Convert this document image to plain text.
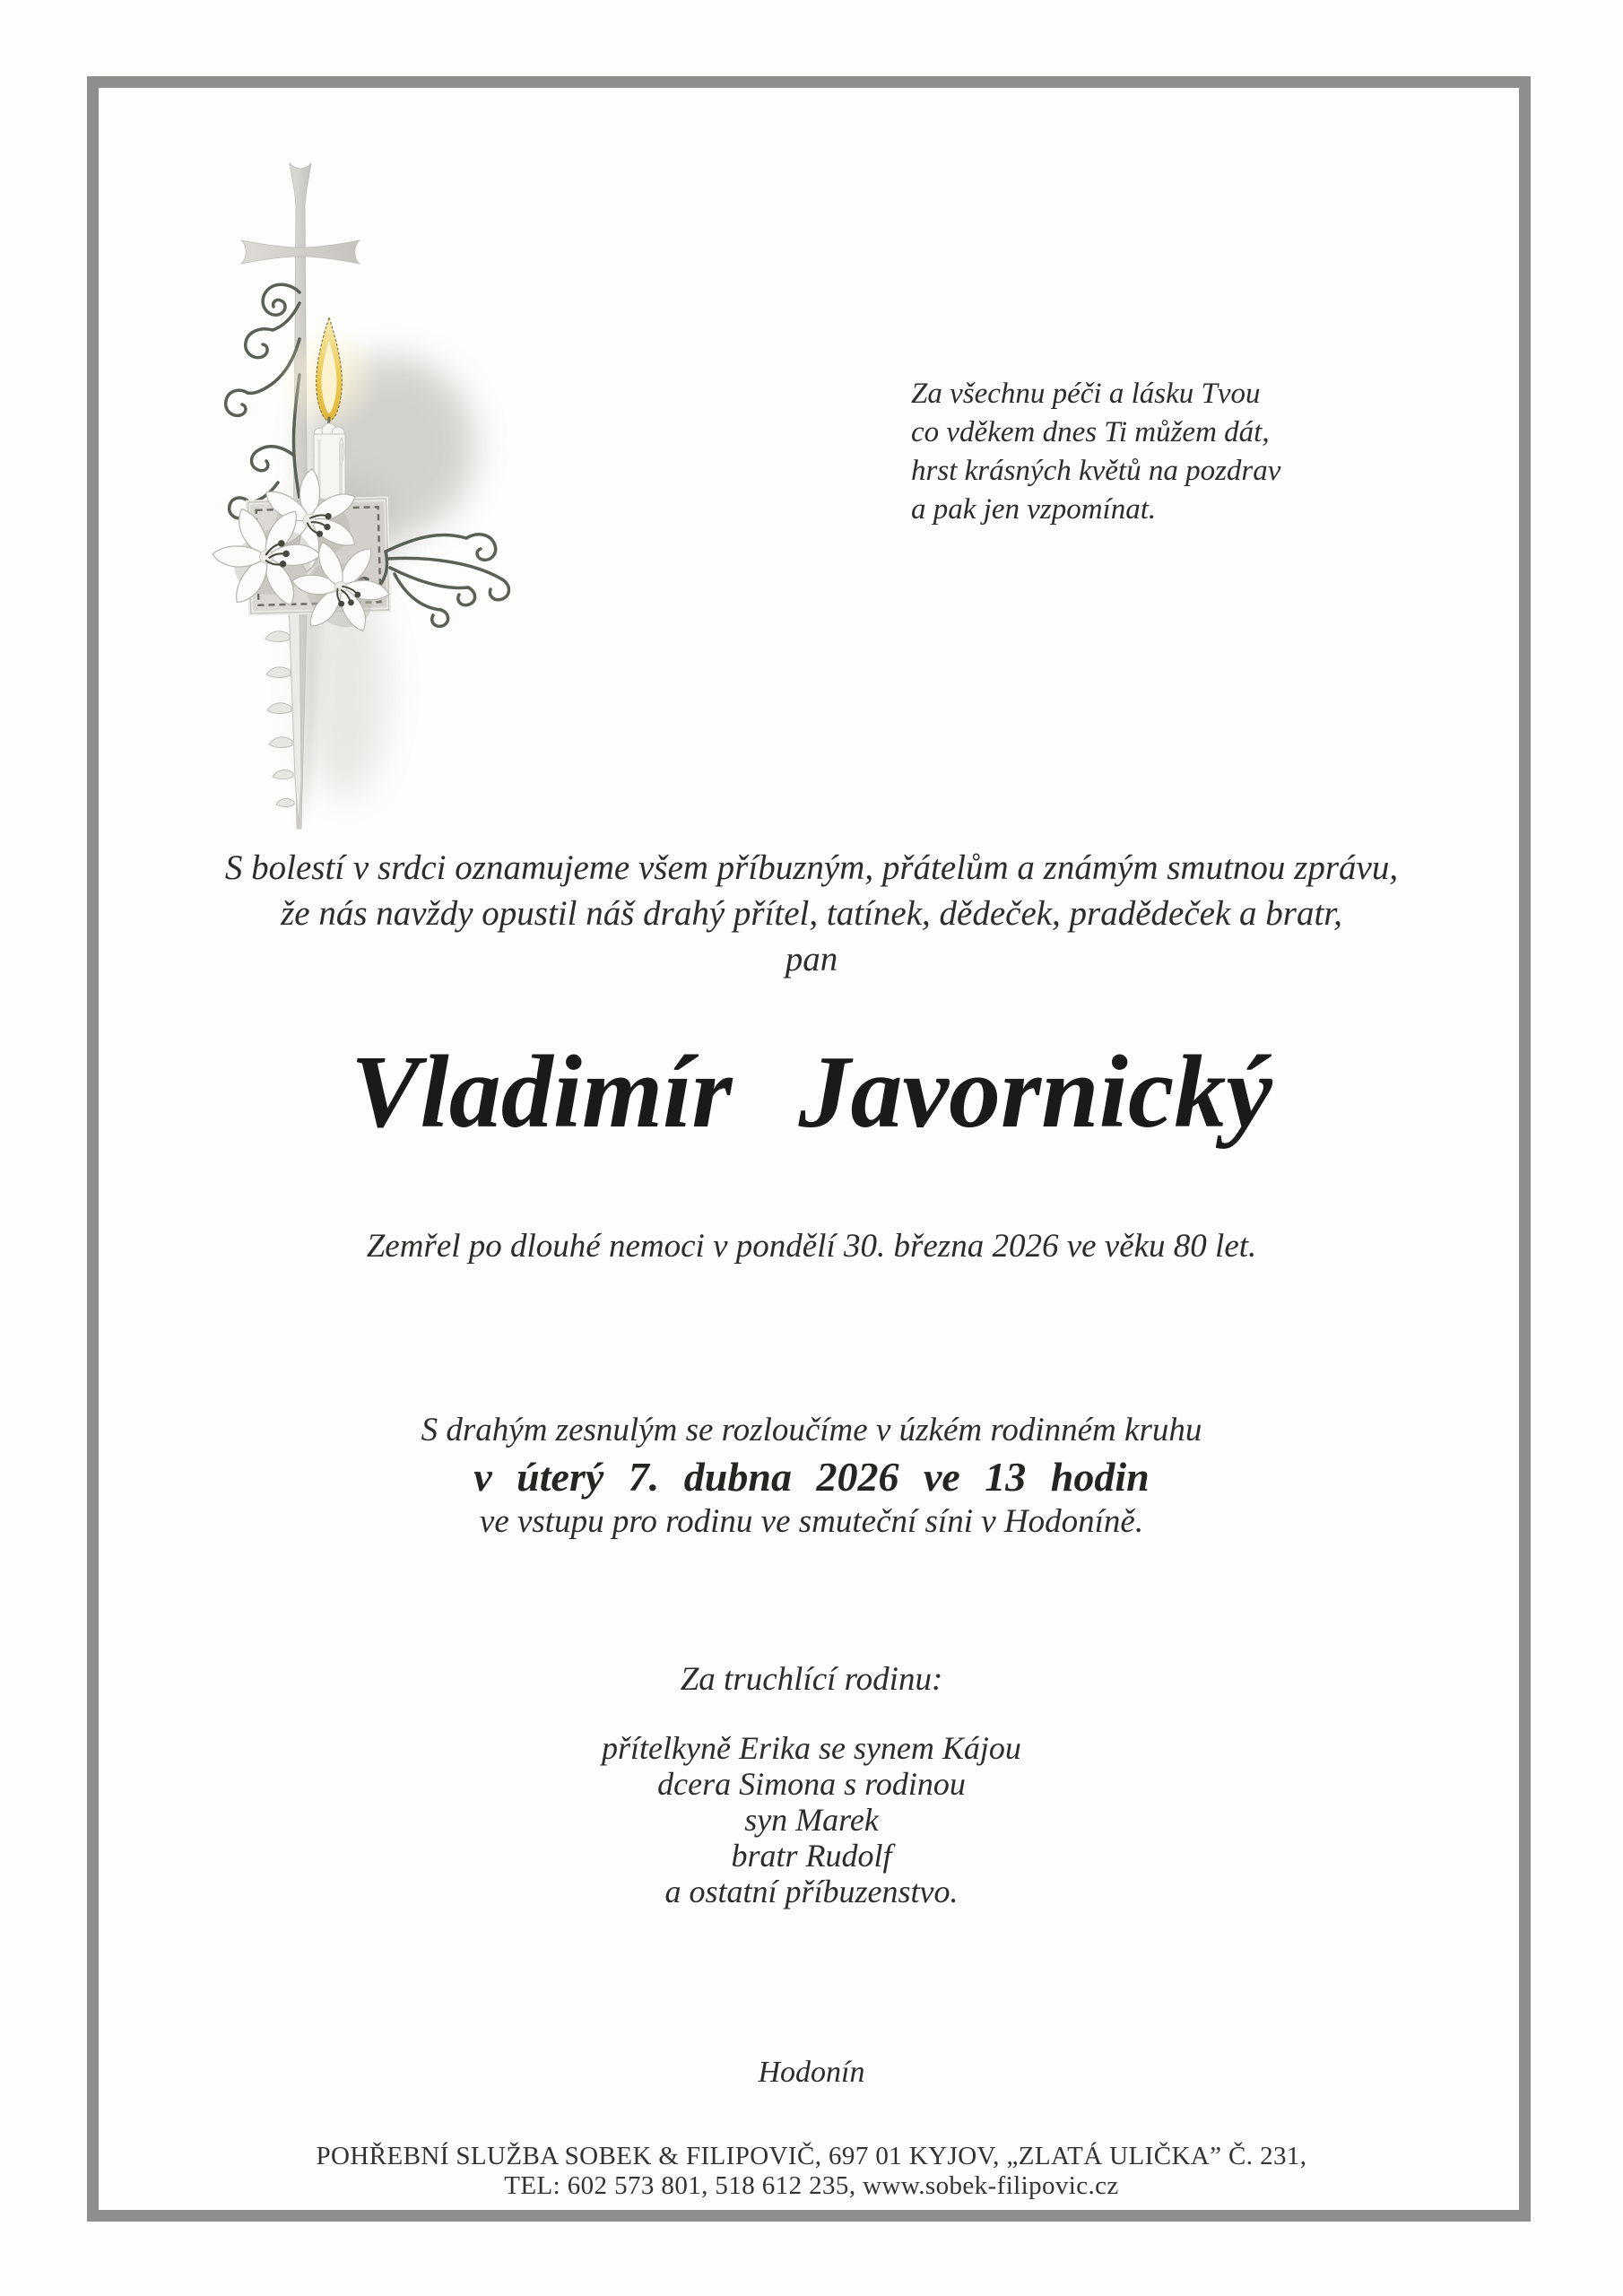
Za všechnu péči a lásku Tvou
co vděkem dnes Ti můžem dát,
hrst krásných květů na pozdrav
a pak jen vzpomínat.
S bolestí v srdci oznamujeme všem příbuzným, přátelům a známým smutnou zprávu,
že nás navždy opustil náš drahý přítel, tatínek, dědeček, pradědeček a bratr,
pan
Vladimír Javornický
Zemřel po dlouhé nemoci v pondělí 30. března 2026 ve věku 80 let.
S drahým zesnulým se rozloučíme v úzkém rodinném kruhu
v úterý 7. dubna 2026 ve 13 hodin
ve vstupu pro rodinu ve smuteční síni v Hodoníně.
Za truchlící rodinu:
přítelkyně Erika se synem Kájou
dcera Simona s rodinou
syn Marek
bratr Rudolf
a ostatní příbuzenstvo.
Hodonín
POHŘEBNÍ SLUŽBA SOBEK & FILIPOVIČ, 697 01 KYJOV, „ZLATÁ ULIČKA” Č. 231,
TEL: 602 573 801, 518 612 235, www.sobek-filipovic.cz
